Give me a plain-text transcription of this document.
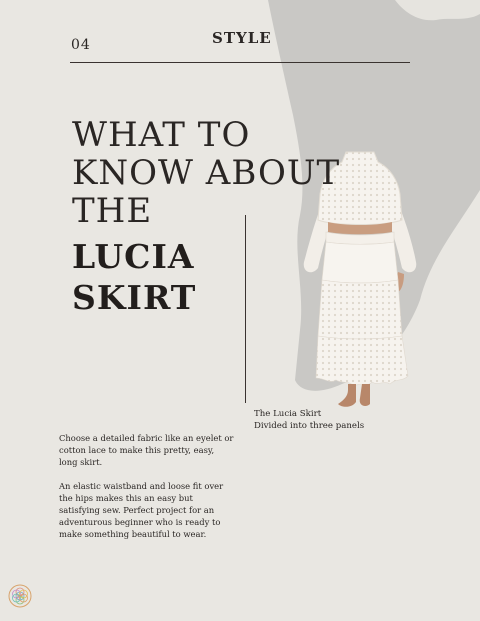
04	STYLE
WHAT TO
KNOW ABOUT
THE
LUCIA
SKIRT
The Lucia Skirt
Divided into three panels

Choose a detailed fabric like an eyelet or cotton lace to make this pretty, easy, long skirt.

An elastic waistband and loose fit over the hips makes this an easy but satisfying sew. Perfect project for an adventurous beginner who is ready to make something beautiful to wear.
